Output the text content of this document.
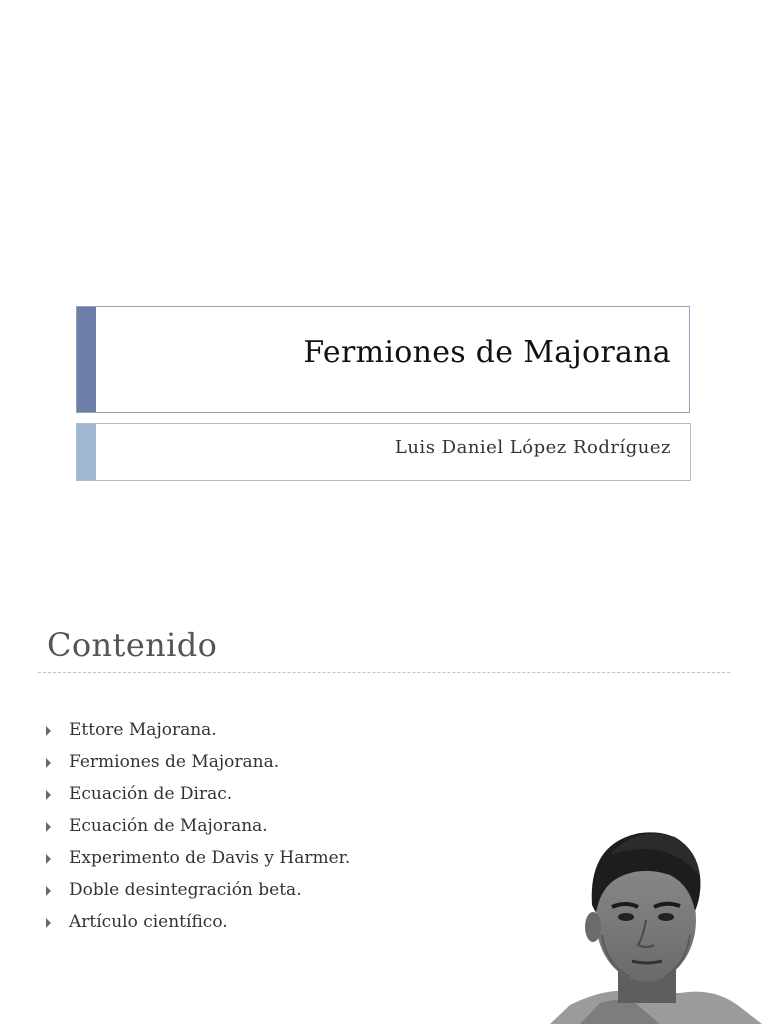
Fermiones de Majorana
Luis Daniel López Rodríguez
Contenido
Ettore Majorana.
Fermiones de Majorana.
Ecuación de Dirac.
Ecuación de Majorana.
Experimento de Davis y Harmer.
Doble desintegración beta.
Artículo científico.
